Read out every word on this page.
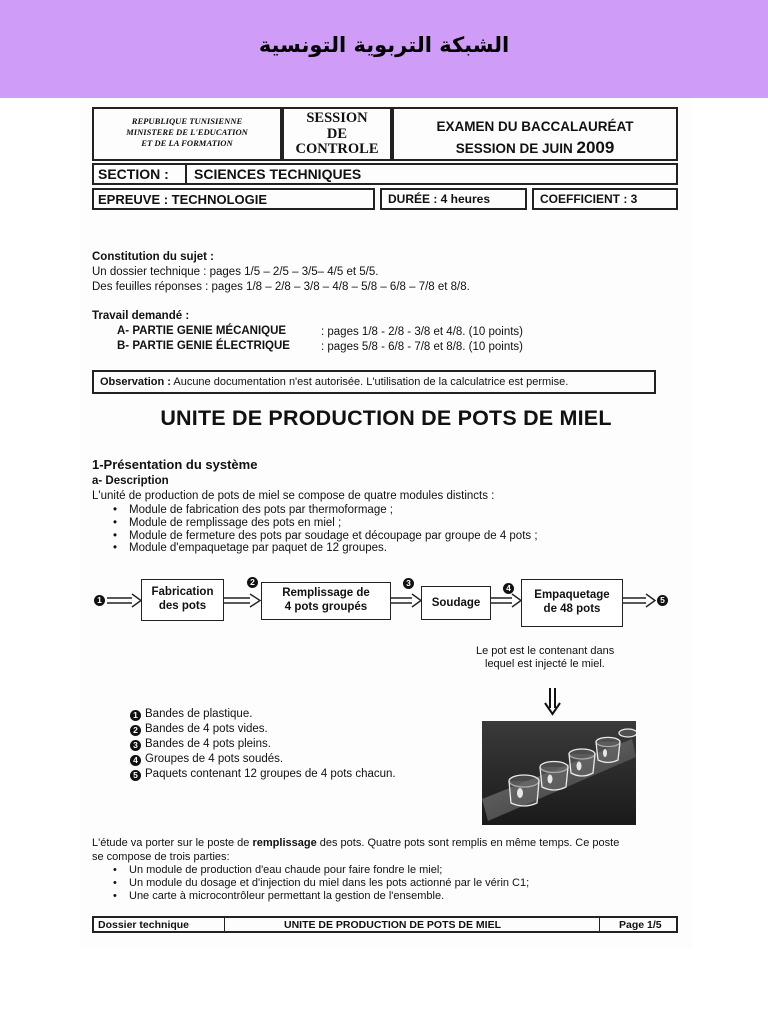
الشبكة التربوية التونسية
REPUBLIQUE TUNISIENNE
MINISTERE DE L'EDUCATION
ET DE LA FORMATION
SESSION
DE
CONTROLE
EXAMEN DU BACCALAURÉAT
SESSION DE JUIN 2009
SECTION : SCIENCES TECHNIQUES
EPREUVE : TECHNOLOGIE	DURÉE : 4 heures	COEFFICIENT : 3
Constitution du sujet :
Un dossier technique : pages 1/5 – 2/5 – 3/5– 4/5 et 5/5.
Des feuilles réponses : pages 1/8 – 2/8 – 3/8 – 4/8 – 5/8 – 6/8 – 7/8 et 8/8.
Travail demandé :
A- PARTIE GENIE MÉCANIQUE	: pages 1/8 - 2/8 - 3/8 et 4/8. (10 points)
B- PARTIE GENIE ÉLECTRIQUE	: pages 5/8 - 6/8 - 7/8 et 8/8. (10 points)
Observation : Aucune documentation n'est autorisée. L'utilisation de la calculatrice est permise.
UNITE DE PRODUCTION DE POTS DE MIEL
1-Présentation du système
a- Description
L'unité de production de pots de miel se compose de quatre modules distincts :
• Module de fabrication des pots par thermoformage ;
• Module de remplissage des pots en miel ;
• Module de fermeture des pots par soudage et découpage par groupe de 4 pots ;
• Module d'empaquetage par paquet de 12 groupes.
1
2	3	4
5
Fabrication
des pots
Remplissage de
4 pots groupés	Soudage
Empaquetage
de 48 pots
Le pot est le contenant dans
lequel est injecté le miel.
1 Bandes de plastique.
2 Bandes de 4 pots vides.
3 Bandes de 4 pots pleins.
4 Groupes de 4 pots soudés.
5 Paquets contenant 12 groupes de 4 pots chacun.
L'étude va porter sur le poste de remplissage des pots. Quatre pots sont remplis en même temps. Ce poste
se compose de trois parties:
• Un module de production d'eau chaude pour faire fondre le miel;
• Un module du dosage et d'injection du miel dans les pots actionné par le vérin C1;
• Une carte à microcontrôleur permettant la gestion de l'ensemble.
Dossier technique	UNITE DE PRODUCTION DE POTS DE MIEL	Page 1/5
